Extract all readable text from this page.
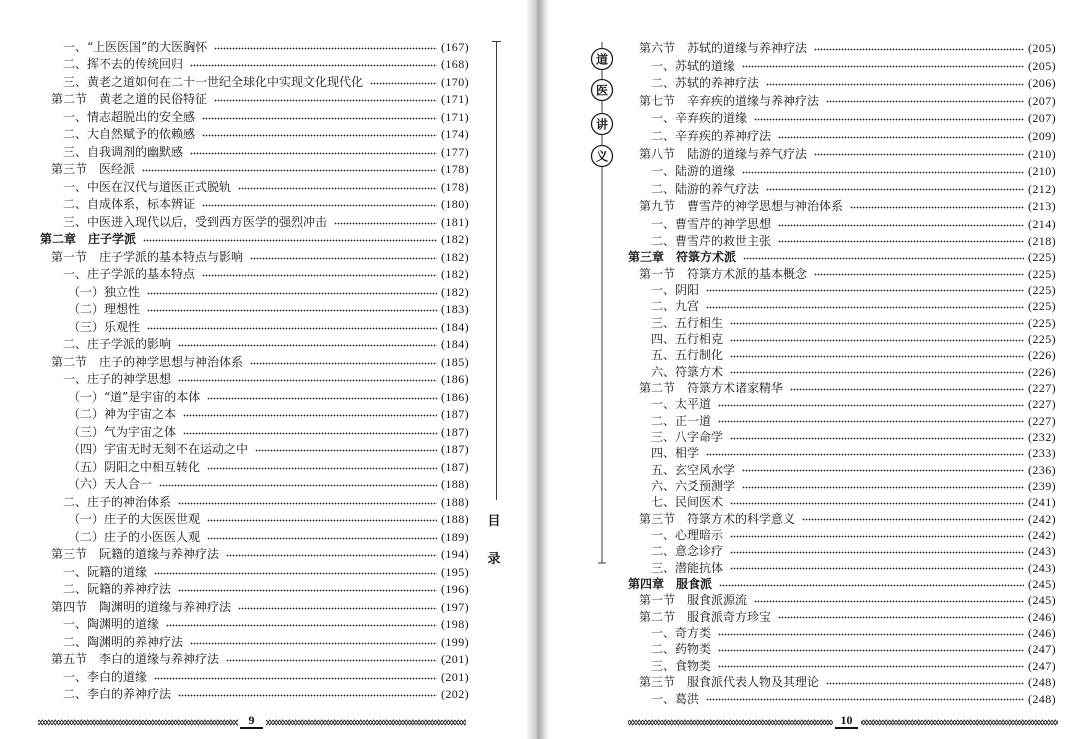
一、“上医医国”的大医胸怀	(167)
二、挥不去的传统回归	(168)
三、黄老之道如何在二十一世纪全球化中实现文化现代化	(170)
第二节　黄老之道的民俗特征	(171)
一、情志超脱出的安全感	(171)
二、大自然赋予的依赖感	(174)
三、自我调剂的幽默感	(177)
第三节　医经派	(178)
一、中医在汉代与道医正式脱轨	(178)
二、自成体系，标本辨证	(180)
三、中医进入现代以后，受到西方医学的强烈冲击	(181)
第二章　庄子学派	(182)
第一节　庄子学派的基本特点与影响	(182)
一、庄子学派的基本特点	(182)
（一）独立性	(182)
（二）理想性	(183)
（三）乐观性	(184)
二、庄子学派的影响	(184)
第二节　庄子的神学思想与神治体系	(185)
一、庄子的神学思想	(186)
（一）“道”是宇宙的本体	(186)
（二）神为宇宙之本	(187)
（三）气为宇宙之体	(187)
（四）宇宙无时无刻不在运动之中	(187)
（五）阴阳之中相互转化	(187)
（六）天人合一	(188)
二、庄子的神治体系	(188)
（一）庄子的大医医世观	(188)
（二）庄子的小医医人观	(189)
第三节　阮籍的道缘与养神疗法	(194)
一、阮籍的道缘	(195)
二、阮籍的养神疗法	(196)
第四节　陶渊明的道缘与养神疗法	(197)
一、陶渊明的道缘	(198)
二、陶渊明的养神疗法	(199)
第五节　李白的道缘与养神疗法	(201)
一、李白的道缘	(201)
二、李白的养神疗法	(202)
目
录
9
道
医
讲
义
第六节　苏轼的道缘与养神疗法	(205)
一、苏轼的道缘	(205)
二、苏轼的养神疗法	(206)
第七节　辛弃疾的道缘与养神疗法	(207)
一、辛弃疾的道缘	(207)
二、辛弃疾的养神疗法	(209)
第八节　陆游的道缘与养气疗法	(210)
一、陆游的道缘	(210)
二、陆游的养气疗法	(212)
第九节　曹雪芹的神学思想与神治体系	(213)
一、曹雪芹的神学思想	(214)
二、曹雪芹的救世主张	(218)
第三章　符箓方术派	(225)
第一节　符箓方术派的基本概念	(225)
一、阴阳	(225)
二、九宫	(225)
三、五行相生	(225)
四、五行相克	(225)
五、五行制化	(226)
六、符箓方术	(226)
第二节　符箓方术诸家精华	(227)
一、太平道	(227)
二、正一道	(227)
三、八字命学	(232)
四、相学	(233)
五、玄空风水学	(236)
六、六爻预测学	(239)
七、民间医术	(241)
第三节　符箓方术的科学意义	(242)
一、心理暗示	(242)
二、意念诊疗	(243)
三、潜能抗体	(243)
第四章　服食派	(245)
第一节　服食派源流	(245)
第二节　服食派奇方珍宝	(246)
一、奇方类	(246)
二、药物类	(247)
三、食物类	(247)
第三节　服食派代表人物及其理论	(248)
一、葛洪	(248)
10
